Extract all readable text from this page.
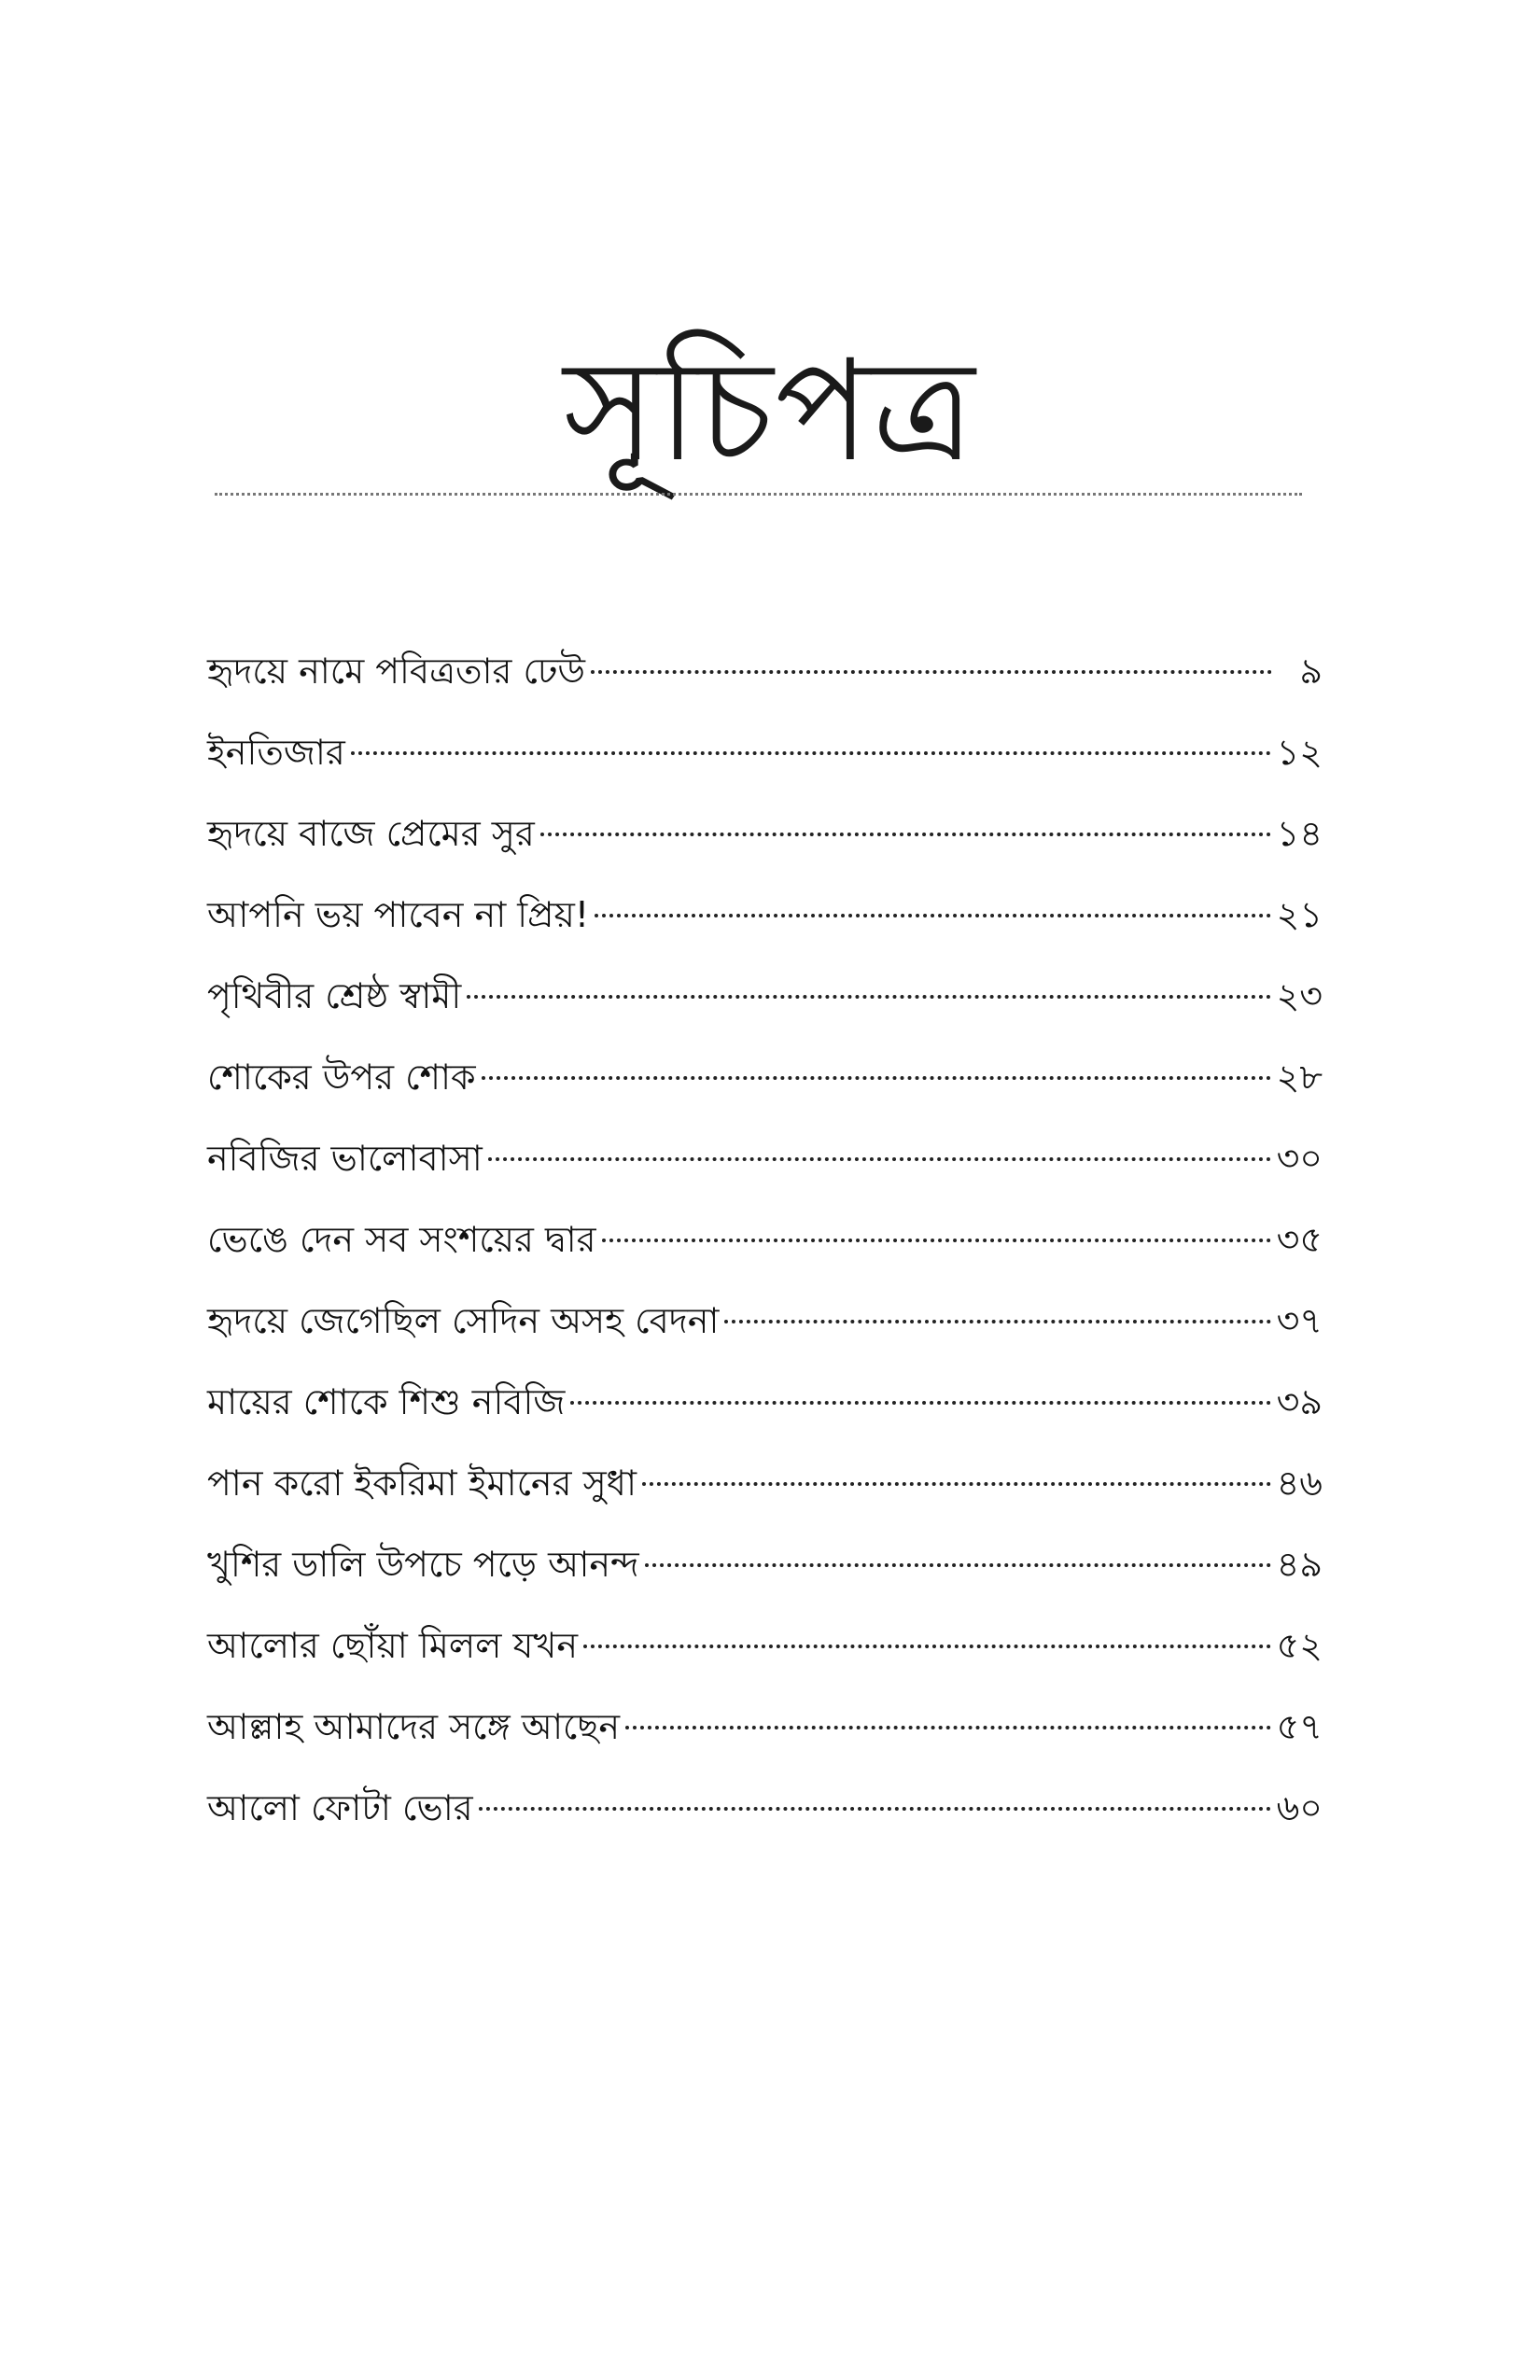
সূচিপত্র
হৃদয়ে নামে পবিত্রতার ঢেউ	৯
ইনতিজার	১২
হৃদয়ে বাজে প্রেমের সুর	১৪
আপনি ভয় পাবেন না প্রিয়!	২১
পৃথিবীর শ্রেষ্ঠ স্বামী	২৩
শোকের উপর শোক	২৮
নবিজির ভালোবাসা	৩০
ভেঙে দেন সব সংশয়ের দ্বার	৩৫
হৃদয়ে জেগেছিল সেদিন অসহ বেদনা	৩৭
মায়ের শোকে শিশু নবিজি	৩৯
পান করো ইকরিমা ইমানের সুধা	৪৬
খুশির ডালি উপচে পড়ে আনন্দ	৪৯
আলোর ছোঁয়া মিলল যখন	৫২
আল্লাহ আমাদের সঙ্গে আছেন	৫৭
আলো ফোটা ভোর	৬০
